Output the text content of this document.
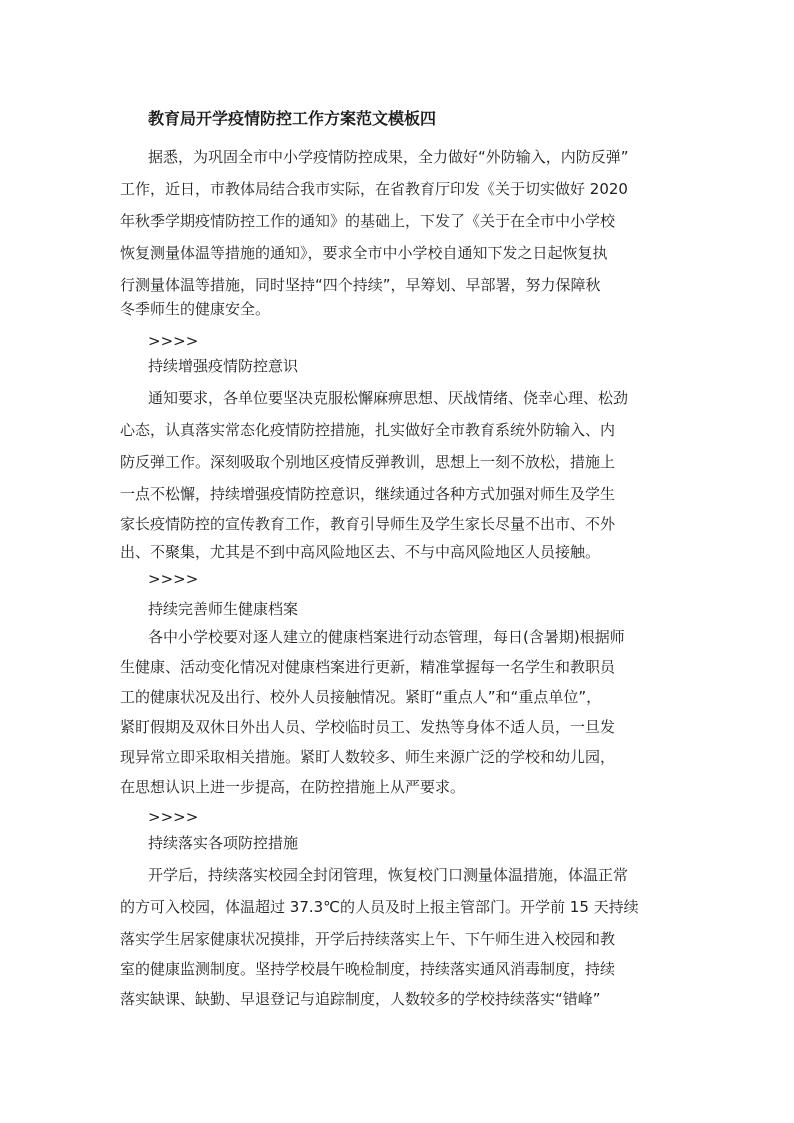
教育局开学疫情防控工作方案范文模板四
据悉，为巩固全市中小学疫情防控成果，全力做好“外防输入，内防反弹”
工作，近日，市教体局结合我市实际，在省教育厅印发《关于切实做好 2020
年秋季学期疫情防控工作的通知》的基础上，下发了《关于在全市中小学校
恢复测量体温等措施的通知》，要求全市中小学校自通知下发之日起恢复执
行测量体温等措施，同时坚持“四个持续”，早筹划、早部署，努力保障秋
冬季师生的健康安全。
>>>>
持续增强疫情防控意识
通知要求，各单位要坚决克服松懈麻痹思想、厌战情绪、侥幸心理、松劲
心态，认真落实常态化疫情防控措施，扎实做好全市教育系统外防输入、内
防反弹工作。深刻吸取个别地区疫情反弹教训，思想上一刻不放松，措施上
一点不松懈，持续增强疫情防控意识，继续通过各种方式加强对师生及学生
家长疫情防控的宣传教育工作，教育引导师生及学生家长尽量不出市、不外
出、不聚集，尤其是不到中高风险地区去、不与中高风险地区人员接触。
>>>>
持续完善师生健康档案
各中小学校要对逐人建立的健康档案进行动态管理，每日(含暑期)根据师
生健康、活动变化情况对健康档案进行更新，精准掌握每一名学生和教职员
工的健康状况及出行、校外人员接触情况。紧盯“重点人”和“重点单位”，
紧盯假期及双休日外出人员、学校临时员工、发热等身体不适人员，一旦发
现异常立即采取相关措施。紧盯人数较多、师生来源广泛的学校和幼儿园，
在思想认识上进一步提高，在防控措施上从严要求。
>>>>
持续落实各项防控措施
开学后，持续落实校园全封闭管理，恢复校门口测量体温措施，体温正常
的方可入校园，体温超过 37.3℃的人员及时上报主管部门。开学前 15 天持续
落实学生居家健康状况摸排，开学后持续落实上午、下午师生进入校园和教
室的健康监测制度。坚持学校晨午晚检制度，持续落实通风消毒制度，持续
落实缺课、缺勤、早退登记与追踪制度，人数较多的学校持续落实“错峰”
